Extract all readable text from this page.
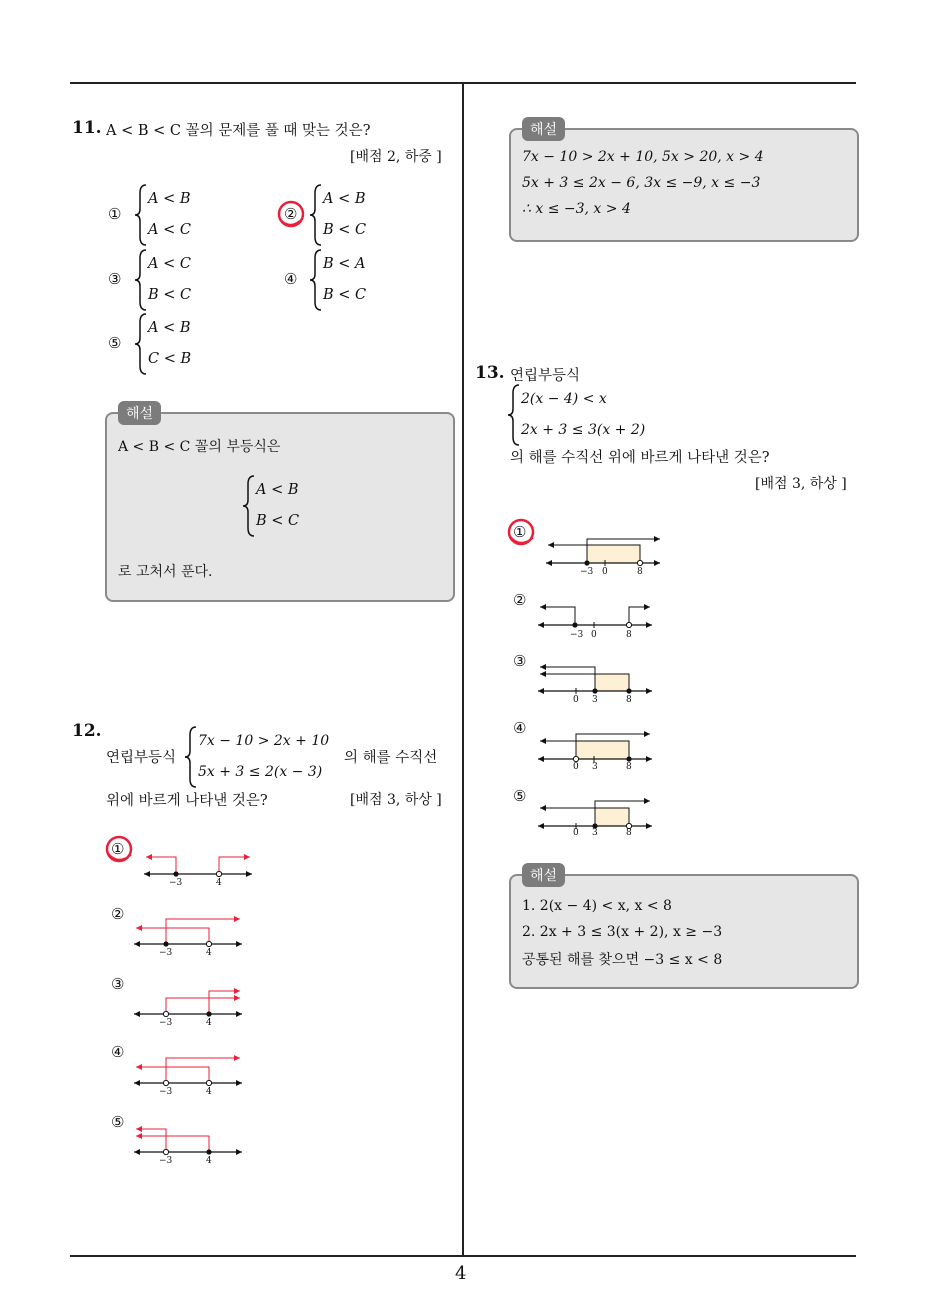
4
11. A < B < C 꼴의 문제를 풀 때 맞는 것은?
[배점 2, 하중 ]
①
A < B
A < C
②
A < B
B < C
③
A < C
B < C
④
B < A
B < C
⑤
A < B
C < B
해설
A < B < C 꼴의 부등식은
A < B
B < C
로 고처서 푼다.
12.
연립부등식
7x − 10 > 2x + 10
5x + 3 ≤ 2(x − 3)
의 해를 수직선
위에 바르게 나타낸 것은?	[배점 3, 하상 ]
①
②
③
④
⑤
−3	4
−3	4
−3	4
−3	4
−3	4
해설
7x − 10 > 2x + 10, 5x > 20, x > 4
5x + 3 ≤ 2x − 6, 3x ≤ −9, x ≤ −3
∴ x ≤ −3, x > 4
13. 연립부등식
2(x − 4) < x
2x + 3 ≤ 3(x + 2)
의 해를 수직선 위에 바르게 나타낸 것은?
[배점 3, 하상 ]
①
②
③
④
⑤
−3 0	8
−3 0	8
0 3	8
0 3	8
0 3	8
해설
1. 2(x − 4) < x, x < 8
2. 2x + 3 ≤ 3(x + 2), x ≥ −3
공통된 해를 찾으면 −3 ≤ x < 8
